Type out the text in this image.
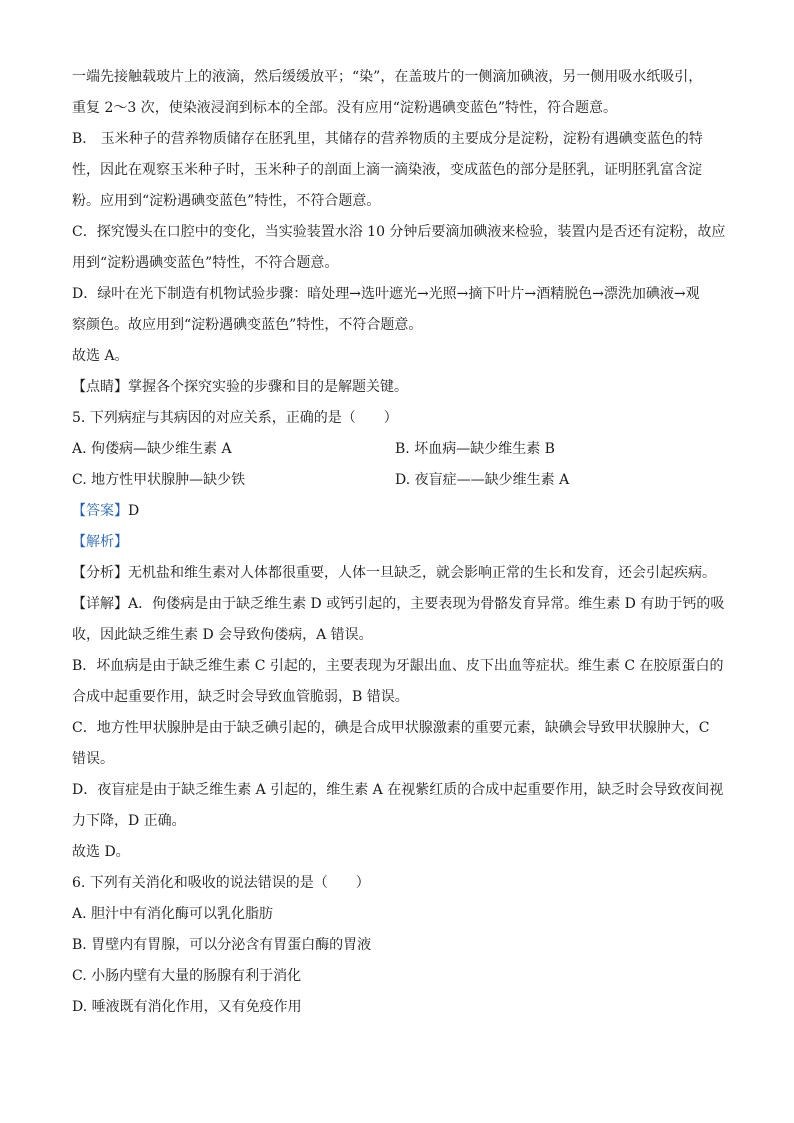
一端先接触载玻片上的液滴，然后缓缓放平；“染”，在盖玻片的一侧滴加碘液，另一侧用吸水纸吸引，
重复 2～3 次，使染液浸润到标本的全部。没有应用“淀粉遇碘变蓝色”特性，符合题意。
B． 玉米种子的营养物质储存在胚乳里，其储存的营养物质的主要成分是淀粉，淀粉有遇碘变蓝色的特
性，因此在观察玉米种子时，玉米种子的剖面上滴一滴染液，变成蓝色的部分是胚乳，证明胚乳富含淀
粉。应用到“淀粉遇碘变蓝色”特性，不符合题意。
C．探究馒头在口腔中的变化，当实验装置水浴 10 分钟后要滴加碘液来检验，装置内是否还有淀粉，故应
用到“淀粉遇碘变蓝色”特性，不符合题意。
D．绿叶在光下制造有机物试验步骤：暗处理→选叶遮光→光照→摘下叶片→酒精脱色→漂洗加碘液→观
察颜色。故应用到“淀粉遇碘变蓝色”特性，不符合题意。
故选 A。
【点睛】掌握各个探究实验的步骤和目的是解题关键。
5. 下列病症与其病因的对应关系，正确的是（　　）
A. 佝偻病—缺少维生素 A	B. 坏血病—缺少维生素 B
C. 地方性甲状腺肿—缺少铁	D. 夜盲症——缺少维生素 A
【答案】D
【解析】
【分析】无机盐和维生素对人体都很重要，人体一旦缺乏，就会影响正常的生长和发育，还会引起疾病。
【详解】A．佝偻病是由于缺乏维生素 D 或钙引起的，主要表现为骨骼发育异常。维生素 D 有助于钙的吸
收，因此缺乏维生素 D 会导致佝偻病，A 错误。
B．坏血病是由于缺乏维生素 C 引起的，主要表现为牙龈出血、皮下出血等症状。维生素 C 在胶原蛋白的
合成中起重要作用，缺乏时会导致血管脆弱，B 错误。
C．地方性甲状腺肿是由于缺乏碘引起的，碘是合成甲状腺激素的重要元素，缺碘会导致甲状腺肿大，C
错误。
D．夜盲症是由于缺乏维生素 A 引起的，维生素 A 在视紫红质的合成中起重要作用，缺乏时会导致夜间视
力下降，D 正确。
故选 D。
6. 下列有关消化和吸收的说法错误的是（　　）
A. 胆汁中有消化酶可以乳化脂肪
B. 胃壁内有胃腺，可以分泌含有胃蛋白酶的胃液
C. 小肠内壁有大量的肠腺有利于消化
D. 唾液既有消化作用，又有免疫作用
